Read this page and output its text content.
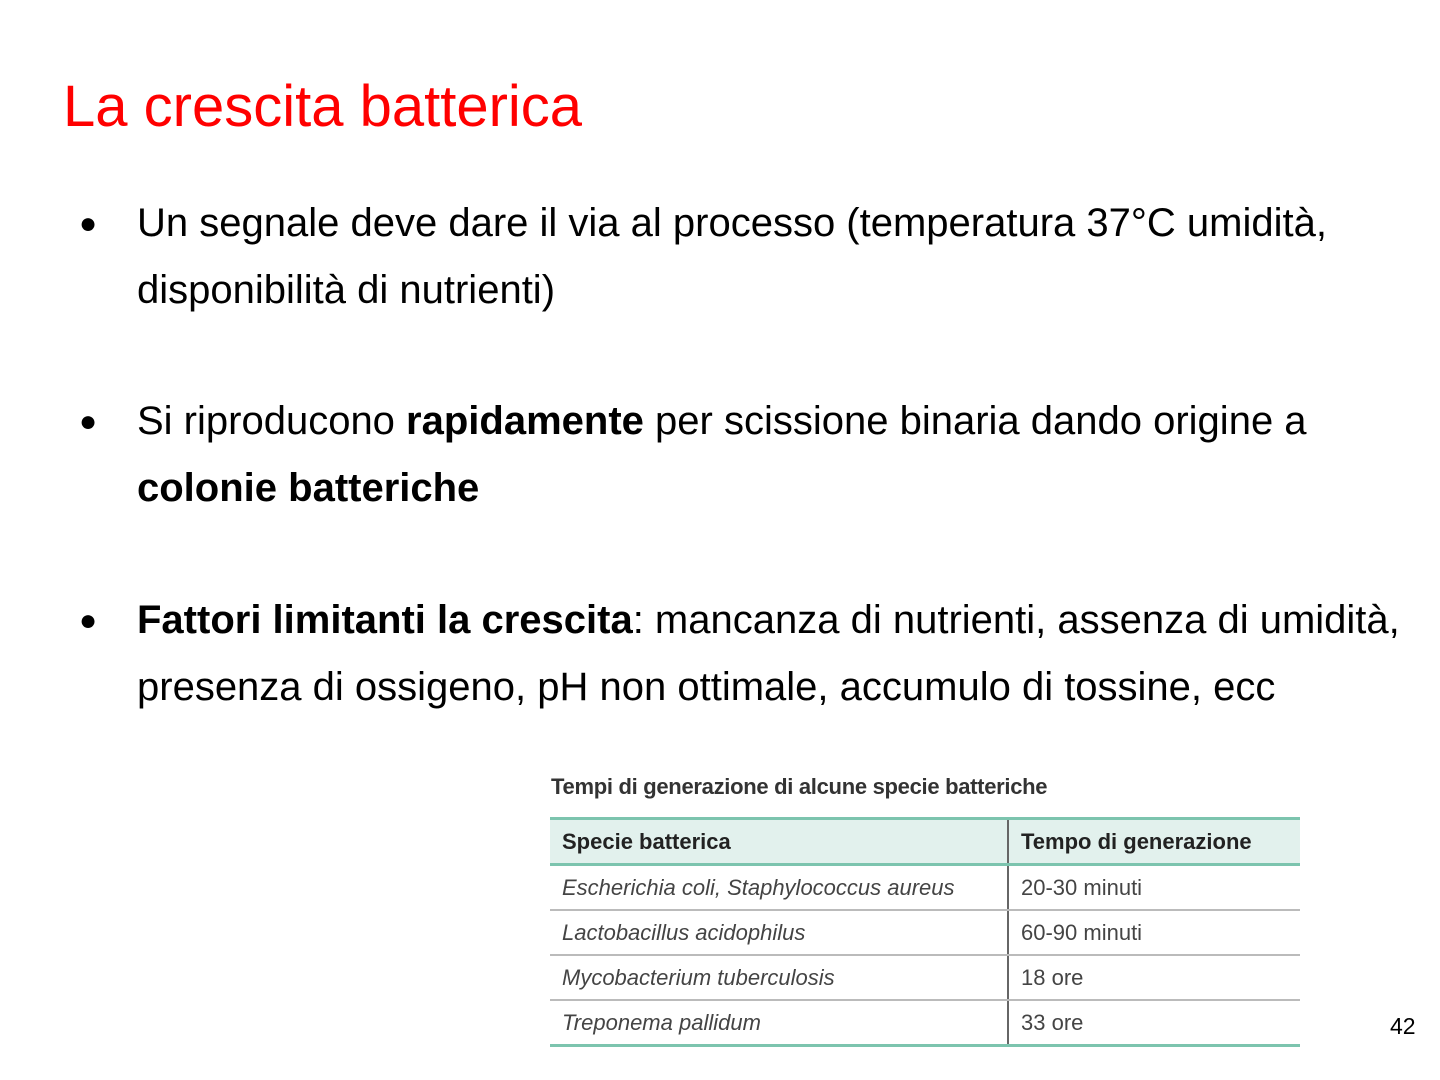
La crescita batterica
● Un segnale deve dare il via al processo (temperatura 37°C umidità, disponibilità di nutrienti)
● Si riproducono rapidamente per scissione binaria dando origine a colonie batteriche
● Fattori limitanti la crescita: mancanza di nutrienti, assenza di umidità, presenza di ossigeno, pH non ottimale, accumulo di tossine, ecc
Tempi di generazione di alcune specie batteriche
Specie batterica	Tempo di generazione
Escherichia coli, Staphylococcus aureus	20-30 minuti
Lactobacillus acidophilus	60-90 minuti
Mycobacterium tuberculosis	18 ore
Treponema pallidum	33 ore	42
